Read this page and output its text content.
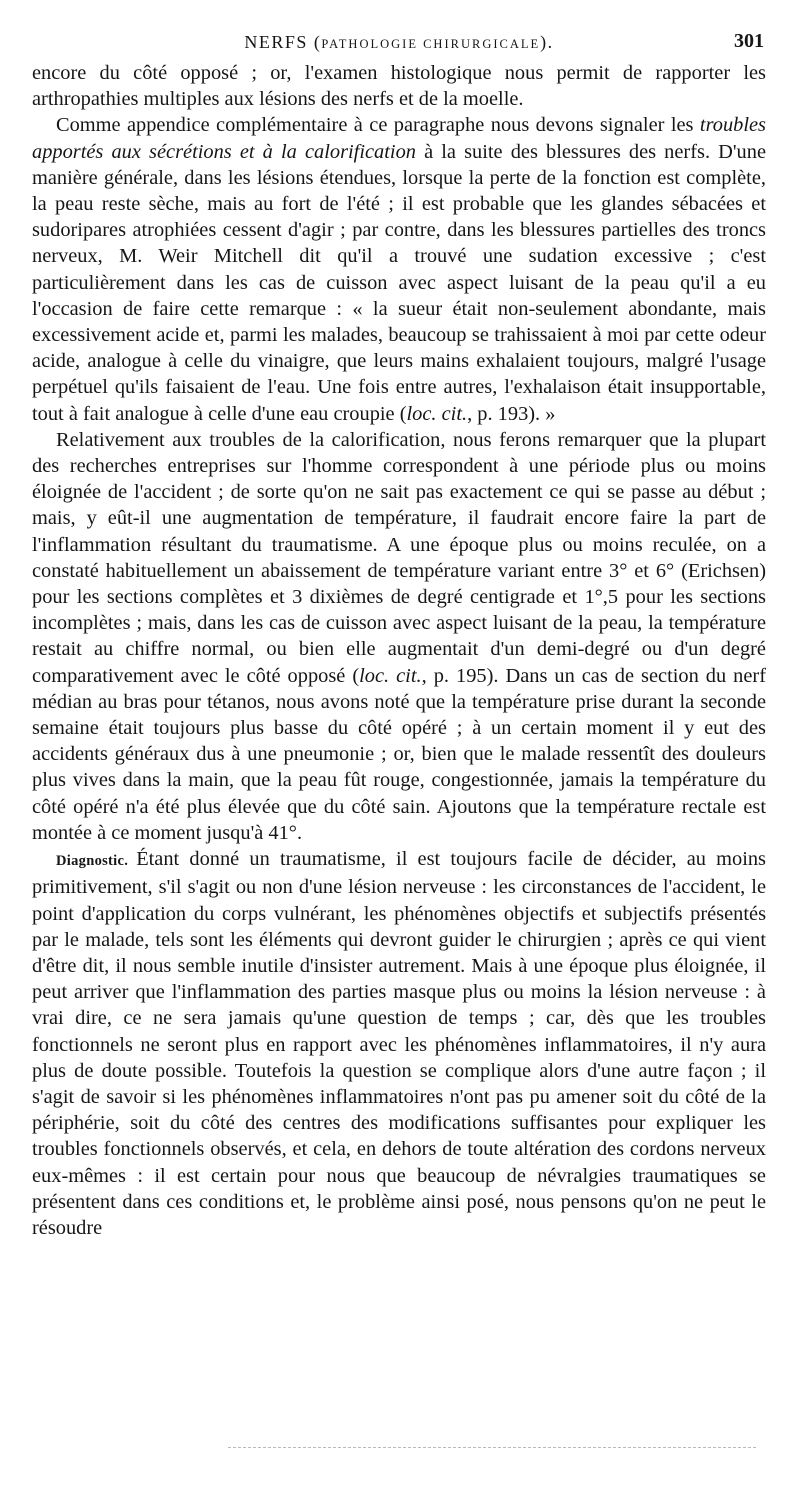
NERFS (PATHOLOGIE CHIRURGICALE).	301

encore du côté opposé ; or, l'examen histologique nous permit de rapporter les arthropathies multiples aux lésions des nerfs et de la moelle.

Comme appendice complémentaire à ce paragraphe nous devons signaler les troubles apportés aux sécrétions et à la calorification à la suite des blessures des nerfs. D'une manière générale, dans les lésions étendues, lorsque la perte de la fonction est complète, la peau reste sèche, mais au fort de l'été ; il est probable que les glandes sébacées et sudoripares atrophiées cessent d'agir ; par contre, dans les blessures partielles des troncs nerveux, M. Weir Mitchell dit qu'il a trouvé une sudation excessive ; c'est particulièrement dans les cas de cuisson avec aspect luisant de la peau qu'il a eu l'occasion de faire cette remarque : « la sueur était non-seulement abondante, mais excessivement acide et, parmi les malades, beaucoup se trahissaient à moi par cette odeur acide, analogue à celle du vinaigre, que leurs mains exhalaient toujours, malgré l'usage perpétuel qu'ils faisaient de l'eau. Une fois entre autres, l'exhalaison était insupportable, tout à fait analogue à celle d'une eau croupie (loc. cit., p. 193). »

Relativement aux troubles de la calorification, nous ferons remarquer que la plupart des recherches entreprises sur l'homme correspondent à une période plus ou moins éloignée de l'accident ; de sorte qu'on ne sait pas exactement ce qui se passe au début ; mais, y eût-il une augmentation de température, il faudrait encore faire la part de l'inflammation résultant du traumatisme. A une époque plus ou moins reculée, on a constaté habituellement un abaissement de température variant entre 3° et 6° (Erichsen) pour les sections complètes et 3 dixièmes de degré centigrade et 1°,5 pour les sections incomplètes ; mais, dans les cas de cuisson avec aspect luisant de la peau, la température restait au chiffre normal, ou bien elle augmentait d'un demi-degré ou d'un degré comparativement avec le côté opposé (loc. cit., p. 195). Dans un cas de section du nerf médian au bras pour tétanos, nous avons noté que la température prise durant la seconde semaine était toujours plus basse du côté opéré ; à un certain moment il y eut des accidents généraux dus à une pneumonie ; or, bien que le malade ressentît des douleurs plus vives dans la main, que la peau fût rouge, congestionnée, jamais la température du côté opéré n'a été plus élevée que du côté sain. Ajoutons que la température rectale est montée à ce moment jusqu'à 41°.

Diagnostic. Étant donné un traumatisme, il est toujours facile de décider, au moins primitivement, s'il s'agit ou non d'une lésion nerveuse : les circonstances de l'accident, le point d'application du corps vulnérant, les phénomènes objectifs et subjectifs présentés par le malade, tels sont les éléments qui devront guider le chirurgien ; après ce qui vient d'être dit, il nous semble inutile d'insister autrement. Mais à une époque plus éloignée, il peut arriver que l'inflammation des parties masque plus ou moins la lésion nerveuse : à vrai dire, ce ne sera jamais qu'une question de temps ; car, dès que les troubles fonctionnels ne seront plus en rapport avec les phénomènes inflammatoires, il n'y aura plus de doute possible. Toutefois la question se complique alors d'une autre façon ; il s'agit de savoir si les phénomènes inflammatoires n'ont pas pu amener soit du côté de la périphérie, soit du côté des centres des modifications suffisantes pour expliquer les troubles fonctionnels observés, et cela, en dehors de toute altération des cordons nerveux eux-mêmes : il est certain pour nous que beaucoup de névralgies traumatiques se présentent dans ces conditions et, le problème ainsi posé, nous pensons qu'on ne peut le résoudre
